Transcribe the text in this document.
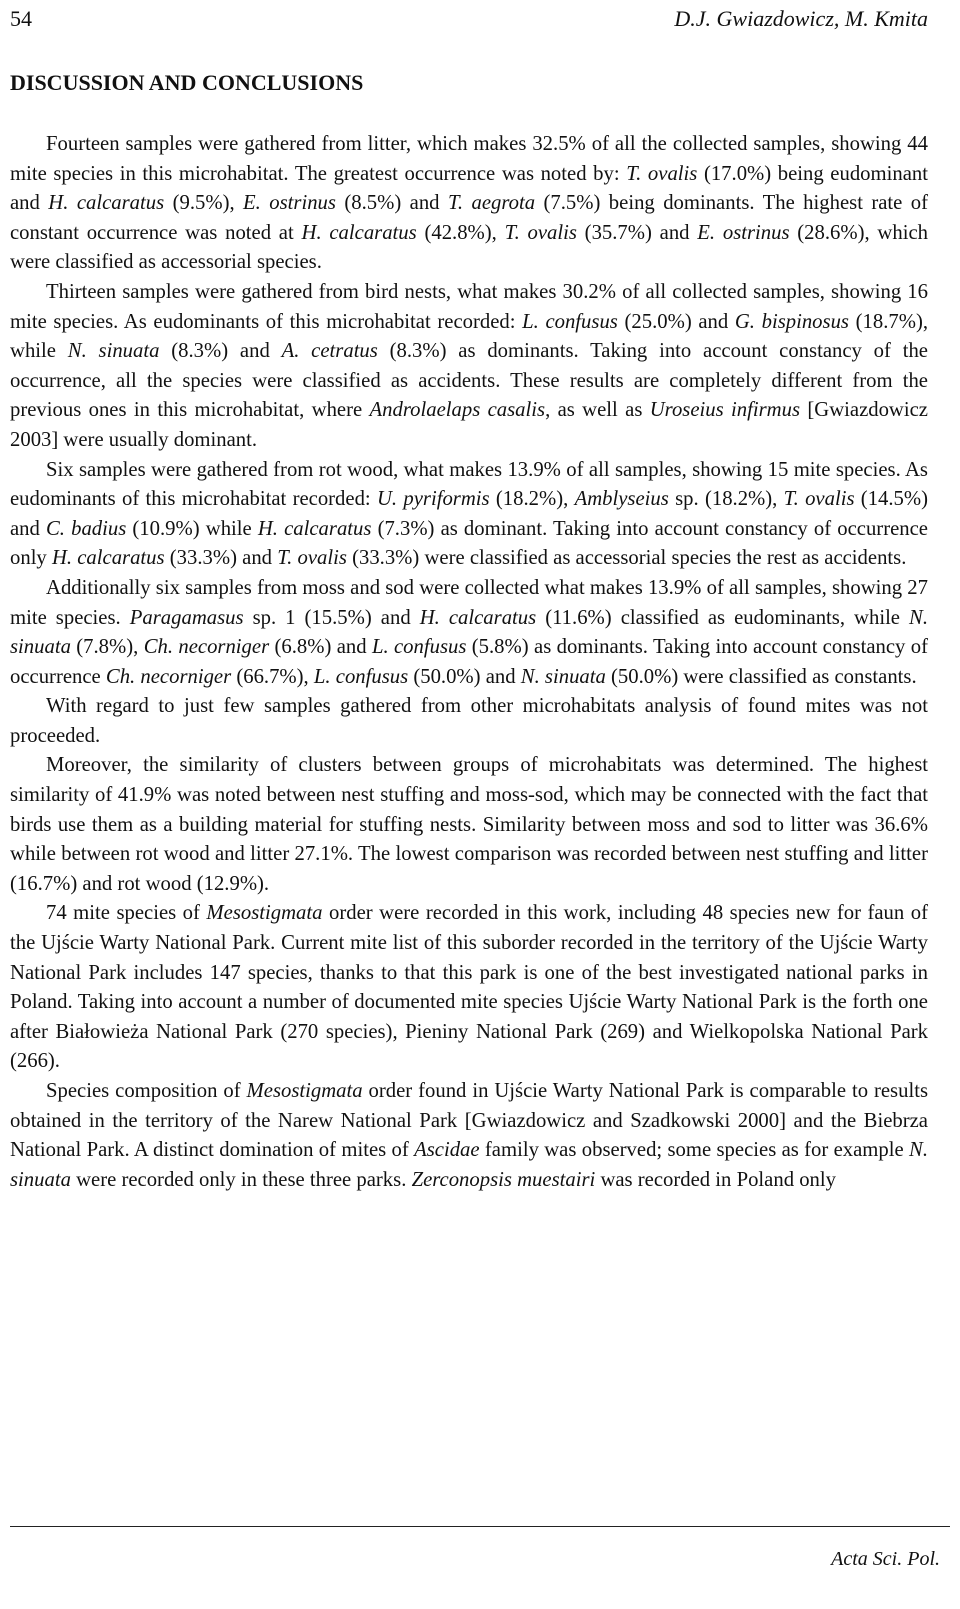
54	D.J. Gwiazdowicz, M. Kmita
DISCUSSION AND CONCLUSIONS

Fourteen samples were gathered from litter, which makes 32.5% of all the collected samples, showing 44 mite species in this microhabitat. The greatest occurrence was noted by: T. ovalis (17.0%) being eudominant and H. calcaratus (9.5%), E. ostrinus (8.5%) and T. aegrota (7.5%) being dominants. The highest rate of constant occurrence was noted at H. calcaratus (42.8%), T. ovalis (35.7%) and E. ostrinus (28.6%), which were classified as accessorial species.

Thirteen samples were gathered from bird nests, what makes 30.2% of all collected samples, showing 16 mite species. As eudominants of this microhabitat recorded: L. confusus (25.0%) and G. bispinosus (18.7%), while N. sinuata (8.3%) and A. cetratus (8.3%) as dominants. Taking into account constancy of the occurrence, all the species were classified as accidents. These results are completely different from the previous ones in this microhabitat, where Androlaelaps casalis, as well as Uroseius infirmus [Gwiazdowicz 2003] were usually dominant.

Six samples were gathered from rot wood, what makes 13.9% of all samples, showing 15 mite species. As eudominants of this microhabitat recorded: U. pyriformis (18.2%), Amblyseius sp. (18.2%), T. ovalis (14.5%) and C. badius (10.9%) while H. calcaratus (7.3%) as dominant. Taking into account constancy of occurrence only H. calcaratus (33.3%) and T. ovalis (33.3%) were classified as accessorial species the rest as accidents.

Additionally six samples from moss and sod were collected what makes 13.9% of all samples, showing 27 mite species. Paragamasus sp. 1 (15.5%) and H. calcaratus (11.6%) classified as eudominants, while N. sinuata (7.8%), Ch. necorniger (6.8%) and L. confusus (5.8%) as dominants. Taking into account constancy of occurrence Ch. necorniger (66.7%), L. confusus (50.0%) and N. sinuata (50.0%) were classified as constants.

With regard to just few samples gathered from other microhabitats analysis of found mites was not proceeded.

Moreover, the similarity of clusters between groups of microhabitats was determined. The highest similarity of 41.9% was noted between nest stuffing and moss-sod, which may be connected with the fact that birds use them as a building material for stuffing nests. Similarity between moss and sod to litter was 36.6% while between rot wood and litter 27.1%. The lowest comparison was recorded between nest stuffing and litter (16.7%) and rot wood (12.9%).

74 mite species of Mesostigmata order were recorded in this work, including 48 species new for faun of the Ujście Warty National Park. Current mite list of this suborder recorded in the territory of the Ujście Warty National Park includes 147 species, thanks to that this park is one of the best investigated national parks in Poland. Taking into account a number of documented mite species Ujście Warty National Park is the forth one after Białowieża National Park (270 species), Pieniny National Park (269) and Wielkopolska National Park (266).

Species composition of Mesostigmata order found in Ujście Warty National Park is comparable to results obtained in the territory of the Narew National Park [Gwiazdowicz and Szadkowski 2000] and the Biebrza National Park. A distinct domination of mites of Ascidae family was observed; some species as for example N. sinuata were recorded only in these three parks. Zerconopsis muestairi was recorded in Poland only

Acta Sci. Pol.
